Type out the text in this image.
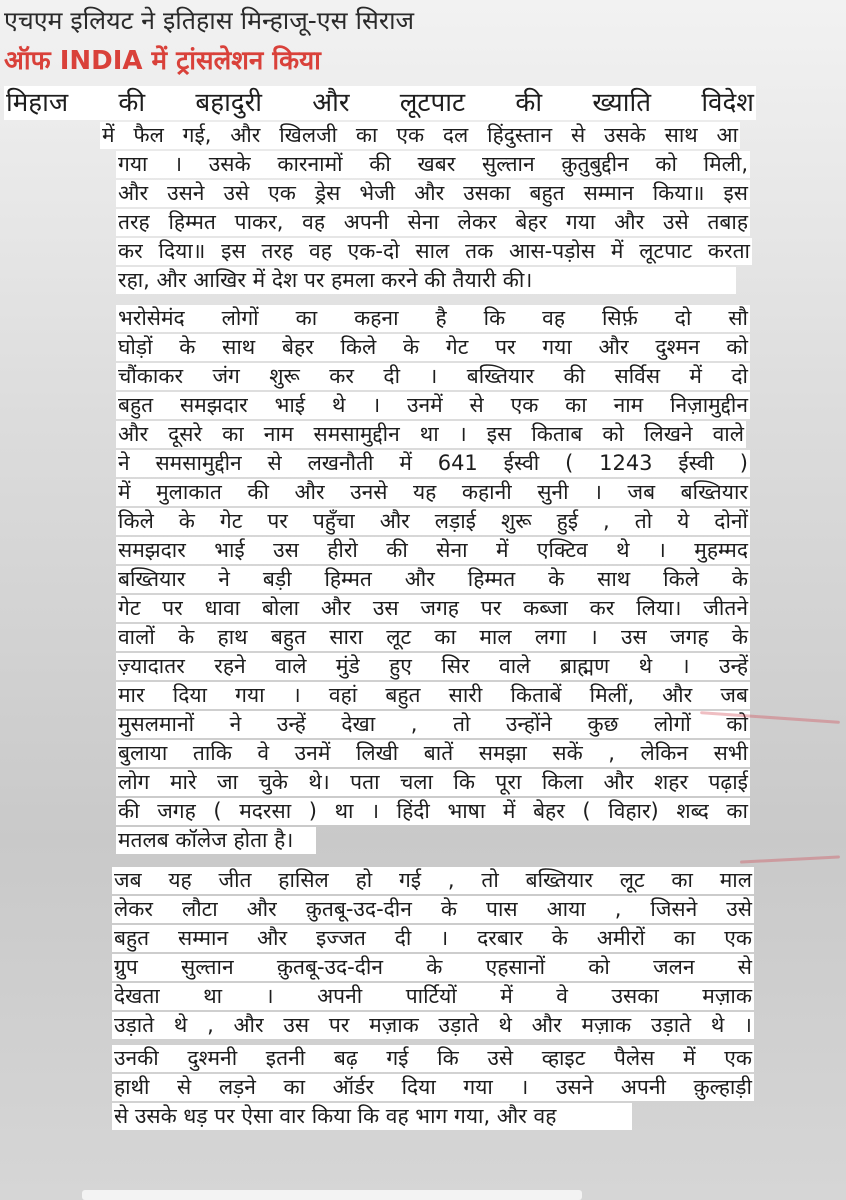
एचएम इलियट ने इतिहास मिन्हाजू-एस सिराज
ऑफ INDIA में ट्रांसलेशन किया
मिहाज की बहादुरी और लूटपाट की ख्याति विदेश
में फैल गई, और खिलजी का एक दल हिंदुस्तान से उसके साथ आ
गया । उसके कारनामों की खबर सुल्तान क़ुतुबुद्दीन को मिली,
और उसने उसे एक ड्रेस भेजी और उसका बहुत सम्मान किया॥ इस
तरह हिम्मत पाकर, वह अपनी सेना लेकर बेहर गया और उसे तबाह
कर दिया॥ इस तरह वह एक-दो साल तक आस-पड़ोस में लूटपाट करता
रहा, और आखिर में देश पर हमला करने की तैयारी की।
भरोसेमंद लोगों का कहना है कि वह सिर्फ़ दो सौ
घोड़ों के साथ बेहर किले के गेट पर गया और दुश्मन को
चौंकाकर जंग शुरू कर दी । बख्तियार की सर्विस में दो
बहुत समझदार भाई थे । उनमें से एक का नाम निज़ामुद्दीन
और दूसरे का नाम समसामुद्दीन था । इस किताब को लिखने वाले
ने समसामुद्दीन से लखनौती में 641 ईस्वी ( 1243 ईस्वी )
में मुलाकात की और उनसे यह कहानी सुनी । जब बख्तियार
किले के गेट पर पहुँचा और लड़ाई शुरू हुई , तो ये दोनों
समझदार भाई उस हीरो की सेना में एक्टिव थे । मुहम्मद
बख्तियार ने बड़ी हिम्मत और हिम्मत के साथ किले के
गेट पर धावा बोला और उस जगह पर कब्जा कर लिया। जीतने
वालों के हाथ बहुत सारा लूट का माल लगा । उस जगह के
ज़्यादातर रहने वाले मुंडे हुए सिर वाले ब्राह्मण थे । उन्हें
मार दिया गया । वहां बहुत सारी किताबें मिलीं, और जब
मुसलमानों ने उन्हें देखा , तो उन्होंने कुछ लोगों को
बुलाया ताकि वे उनमें लिखी बातें समझा सकें , लेकिन सभी
लोग मारे जा चुके थे। पता चला कि पूरा किला और शहर पढ़ाई
की जगह ( मदरसा ) था । हिंदी भाषा में बेहर ( विहार) शब्द का
मतलब कॉलेज होता है।
जब यह जीत हासिल हो गई , तो बख्तियार लूट का माल
लेकर लौटा और क़ुतबू-उद-दीन के पास आया , जिसने उसे
बहुत सम्मान और इज्जत दी । दरबार के अमीरों का एक
ग्रुप सुल्तान क़ुतबू-उद-दीन के एहसानों को जलन से
देखता था । अपनी पार्टियों में वे उसका मज़ाक
उड़ाते थे , और उस पर मज़ाक उड़ाते थे और मज़ाक उड़ाते थे ।
उनकी दुश्मनी इतनी बढ़ गई कि उसे व्हाइट पैलेस में एक
हाथी से लड़ने का ऑर्डर दिया गया । उसने अपनी क़ुल्हाड़ी
से उसके धड़ पर ऐसा वार किया कि वह भाग गया, और वह
